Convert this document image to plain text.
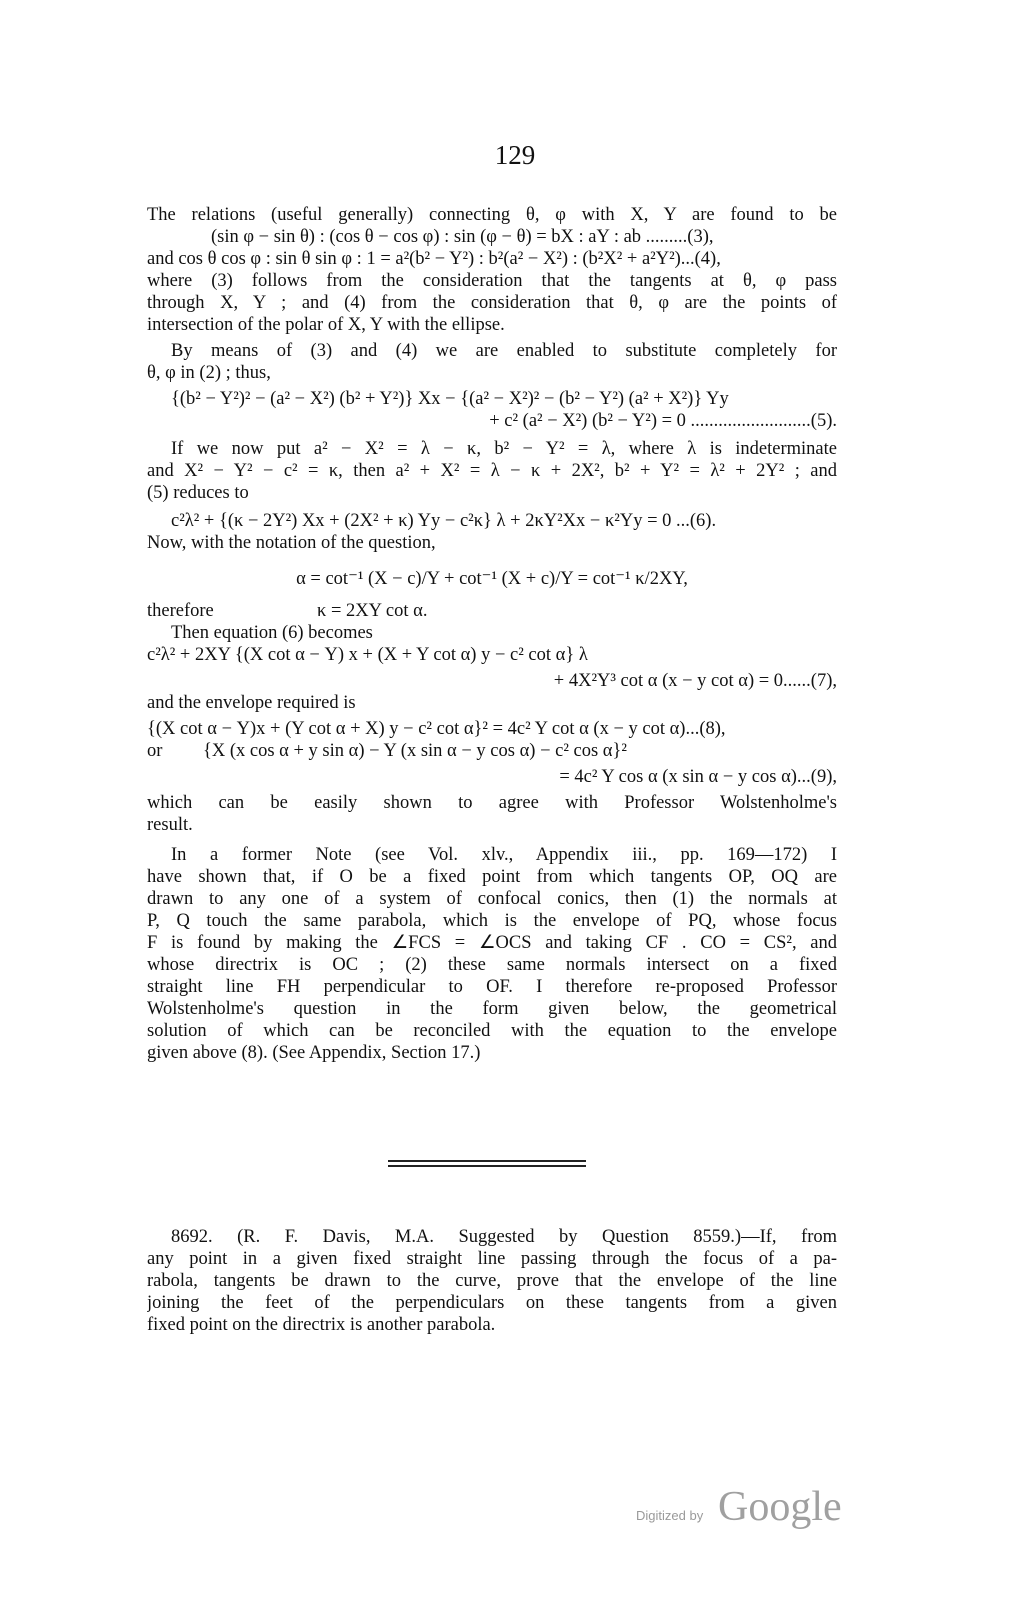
129
The relations (useful generally) connecting θ, φ with X, Y are found to be
(sin φ − sin θ) : (cos θ − cos φ) : sin (φ − θ) = bX : aY : ab .........(3),
and cos θ cos φ : sin θ sin φ : 1 = a²(b² − Y²) : b²(a² − X²) : (b²X² + a²Y²)...(4),
where (3) follows from the consideration that the tangents at θ, φ pass
through X, Y ; and (4) from the consideration that θ, φ are the points of
intersection of the polar of X, Y with the ellipse.
By means of (3) and (4) we are enabled to substitute completely for
θ, φ in (2) ; thus,
{(b² − Y²)² − (a² − X²) (b² + Y²)} Xx − {(a² − X²)² − (b² − Y²) (a² + X²)} Yy
+ c² (a² − X²) (b² − Y²) = 0 ..........................(5).
If we now put a² − X² = λ − κ, b² − Y² = λ, where λ is indeterminate
and X² − Y² − c² = κ, then a² + X² = λ − κ + 2X², b² + Y² = λ² + 2Y² ; and
(5) reduces to
c²λ² + {(κ − 2Y²) Xx + (2X² + κ) Yy − c²κ} λ + 2κY²Xx − κ²Yy = 0 ...(6).
Now, with the notation of the question,
α = cot⁻¹ (X − c)/Y + cot⁻¹ (X + c)/Y = cot⁻¹ κ/2XY,
therefore	κ = 2XY cot α.
Then equation (6) becomes
c²λ² + 2XY {(X cot α − Y) x + (X + Y cot α) y − c² cot α} λ
+ 4X²Y³ cot α (x − y cot α) = 0......(7),
and the envelope required is
{(X cot α − Y)x + (Y cot α + X) y − c² cot α}² = 4c² Y cot α (x − y cot α)...(8),
or {X (x cos α + y sin α) − Y (x sin α − y cos α) − c² cos α}²
= 4c² Y cos α (x sin α − y cos α)...(9),
which can be easily shown to agree with Professor Wolstenholme's
result.
In a former Note (see Vol. xlv., Appendix iii., pp. 169—172) I
have shown that, if O be a fixed point from which tangents OP, OQ are
drawn to any one of a system of confocal conics, then (1) the normals at
P, Q touch the same parabola, which is the envelope of PQ, whose focus
F is found by making the ∠FCS = ∠OCS and taking CF . CO = CS², and
whose directrix is OC ; (2) these same normals intersect on a fixed
straight line FH perpendicular to OF. I therefore re-proposed Professor
Wolstenholme's question in the form given below, the geometrical
solution of which can be reconciled with the equation to the envelope
given above (8). (See Appendix, Section 17.)
8692. (R. F. Davis, M.A. Suggested by Question 8559.)—If, from
any point in a given fixed straight line passing through the focus of a pa-
rabola, tangents be drawn to the curve, prove that the envelope of the line
joining the feet of the perpendiculars on these tangents from a given
fixed point on the directrix is another parabola.
Digitized by Google
